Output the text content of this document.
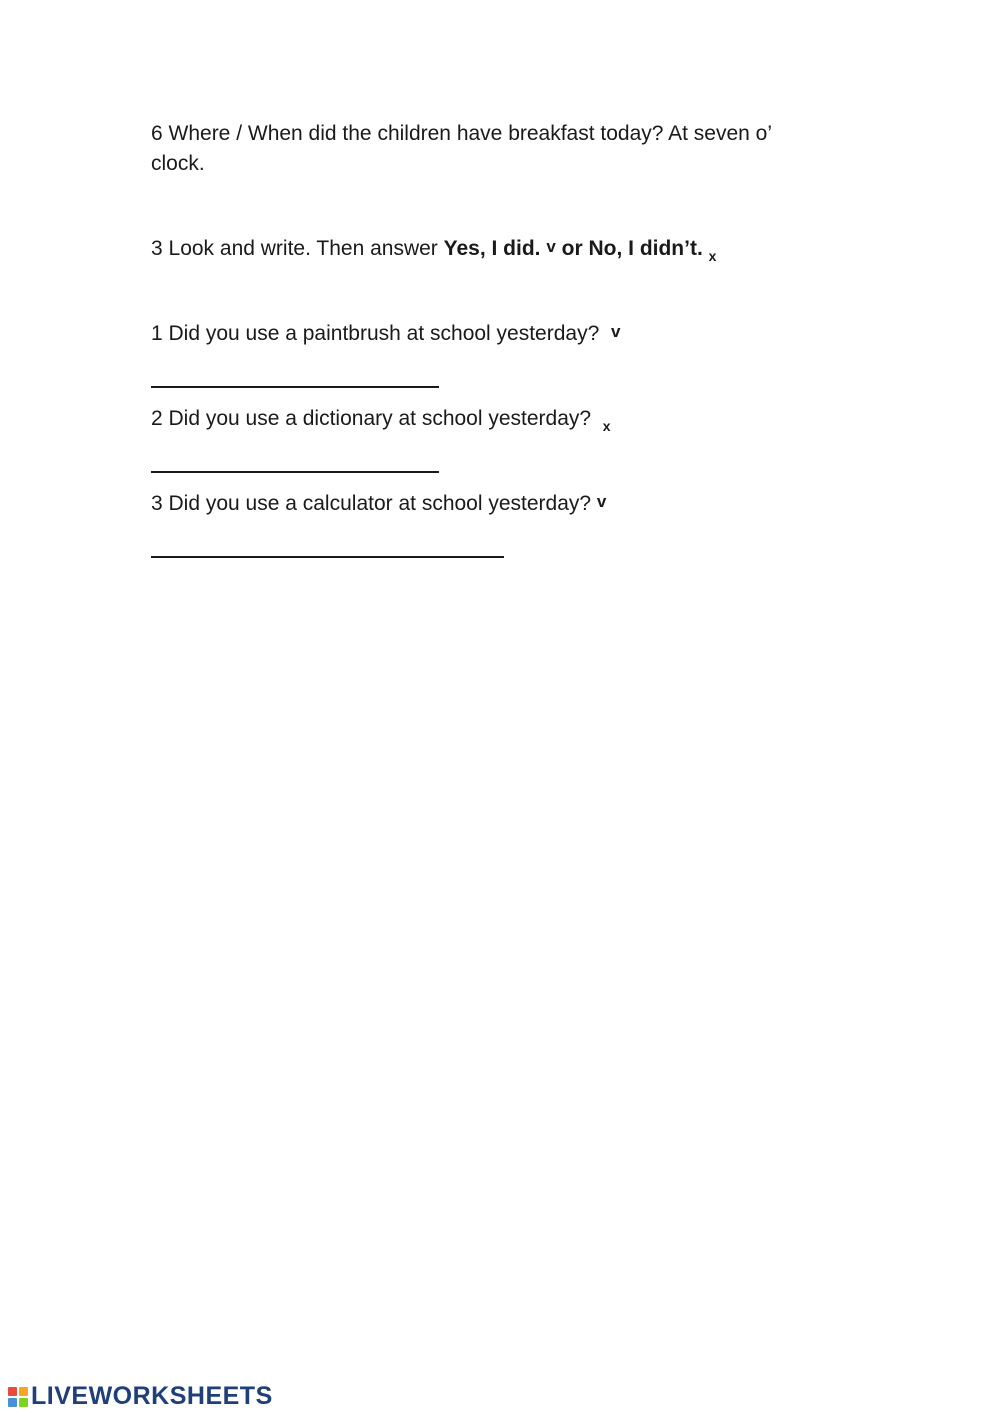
6 Where / When did the children have breakfast today? At seven o’
clock.
3 Look and write. Then answer Yes, I did. v or No, I didn’t. $_x$
1 Did you use a paintbrush at school yesterday? v
2 Did you use a dictionary at school yesterday? $_x$
3 Did you use a calculator at school yesterday? v
LIVEWORKSHEETS
